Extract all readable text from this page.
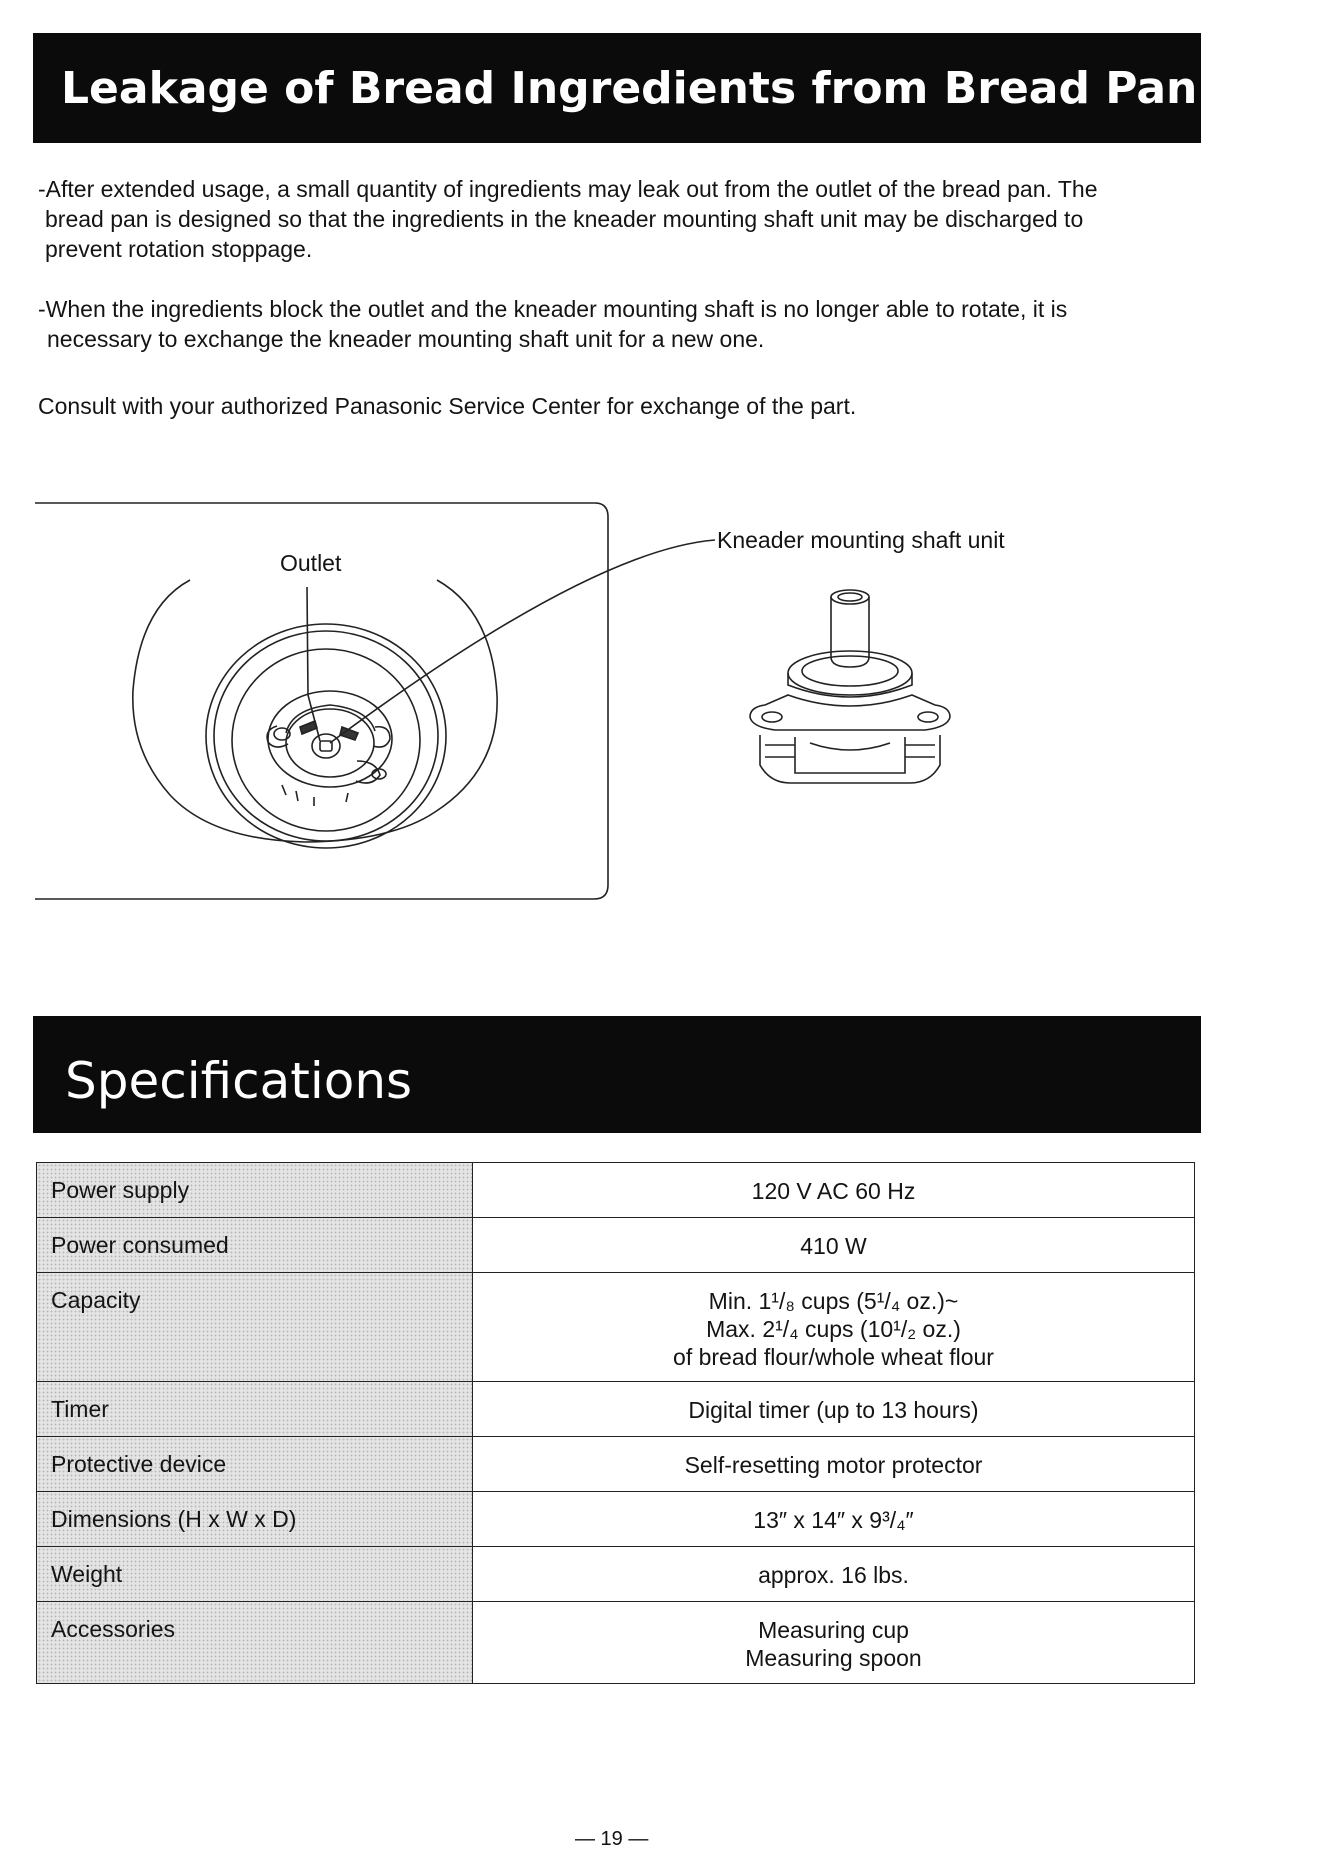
Leakage of Bread Ingredients from Bread Pan
-After extended usage, a small quantity of ingredients may leak out from the outlet of the bread pan. The
bread pan is designed so that the ingredients in the kneader mounting shaft unit may be discharged to
prevent rotation stoppage.
-When the ingredients block the outlet and the kneader mounting shaft is no longer able to rotate, it is
necessary to exchange the kneader mounting shaft unit for a new one.
Consult with your authorized Panasonic Service Center for exchange of the part.
Outlet
Kneader mounting shaft unit
Specifications
Power supply	120 V AC 60 Hz

Power consumed	410 W

Capacity	Min. 1¹/₈ cups (5¹/₄ oz.)~
Max. 2¹/₄ cups (10¹/₂ oz.)
of bread flour/whole wheat flour

Timer	Digital timer (up to 13 hours)

Protective device	Self-resetting motor protector

Dimensions (H x W x D)	13″ x 14″ x 9³/₄″

Weight	approx. 16 lbs.

Accessories	Measuring cup
Measuring spoon
— 19 —
